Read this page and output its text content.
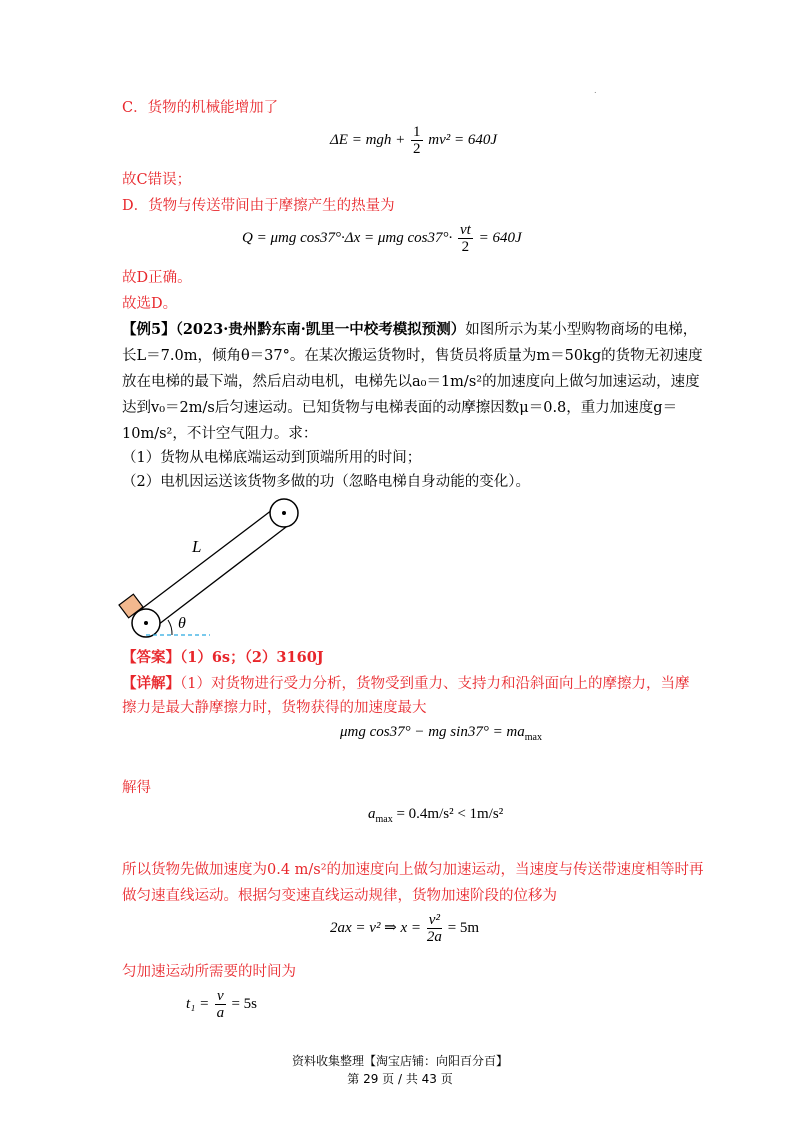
.
C．货物的机械能增加了
ΔE = mgh + $\frac{1}{2} mv^2 = 640J$
故C错误；
D．货物与传送带间由于摩擦产生的热量为
Q = μmg cos37°·Δx = μmg $\cos 37^\circ\cdot \frac{vt}{2} = 640J$
故D正确。
故选D。
【例5】（2023·贵州黔东南·凯里一中校考模拟预测）如图所示为某小型购物商场的电梯，
长L＝7.0m，倾角θ＝37°。在某次搬运货物时，售货员将质量为m＝50kg的货物无初速度
放在电梯的最下端，然后启动电机，电梯先以a₀＝1m/s²的加速度向上做匀加速运动，速度
达到v₀＝2m/s后匀速运动。已知货物与电梯表面的动摩擦因数μ＝0.8，重力加速度g＝
10m/s²，不计空气阻力。求：
（1）货物从电梯底端运动到顶端所用的时间；
（2）电机因运送该货物多做的功（忽略电梯自身动能的变化）。
θ
L
【答案】（1）6s；（2）3160J
【详解】（1）对货物进行受力分析，货物受到重力、支持力和沿斜面向上的摩擦力，当摩
擦力是最大静摩擦力时，货物获得的加速度最大
μmg cos37° − mg $\sin 37^\circ = ma_{max}$
解得
$a_{max} = 0.4m/s^2 < 1m/s^2$
所以货物先做加速度为0.4 m/s²的加速度向上做匀加速运动，当速度与传送带速度相等时再
做匀速直线运动。根据匀变速直线运动规律，货物加速阶段的位移为
2ax = v² ⇒ $x = \frac{\text{v²}}{2a} = 5m$
匀加速运动所需要的时间为
$t_1 = \frac{v}{a} = 5s$
资料收集整理【淘宝店铺：向阳百分百】
第 29 页 / 共 43 页
